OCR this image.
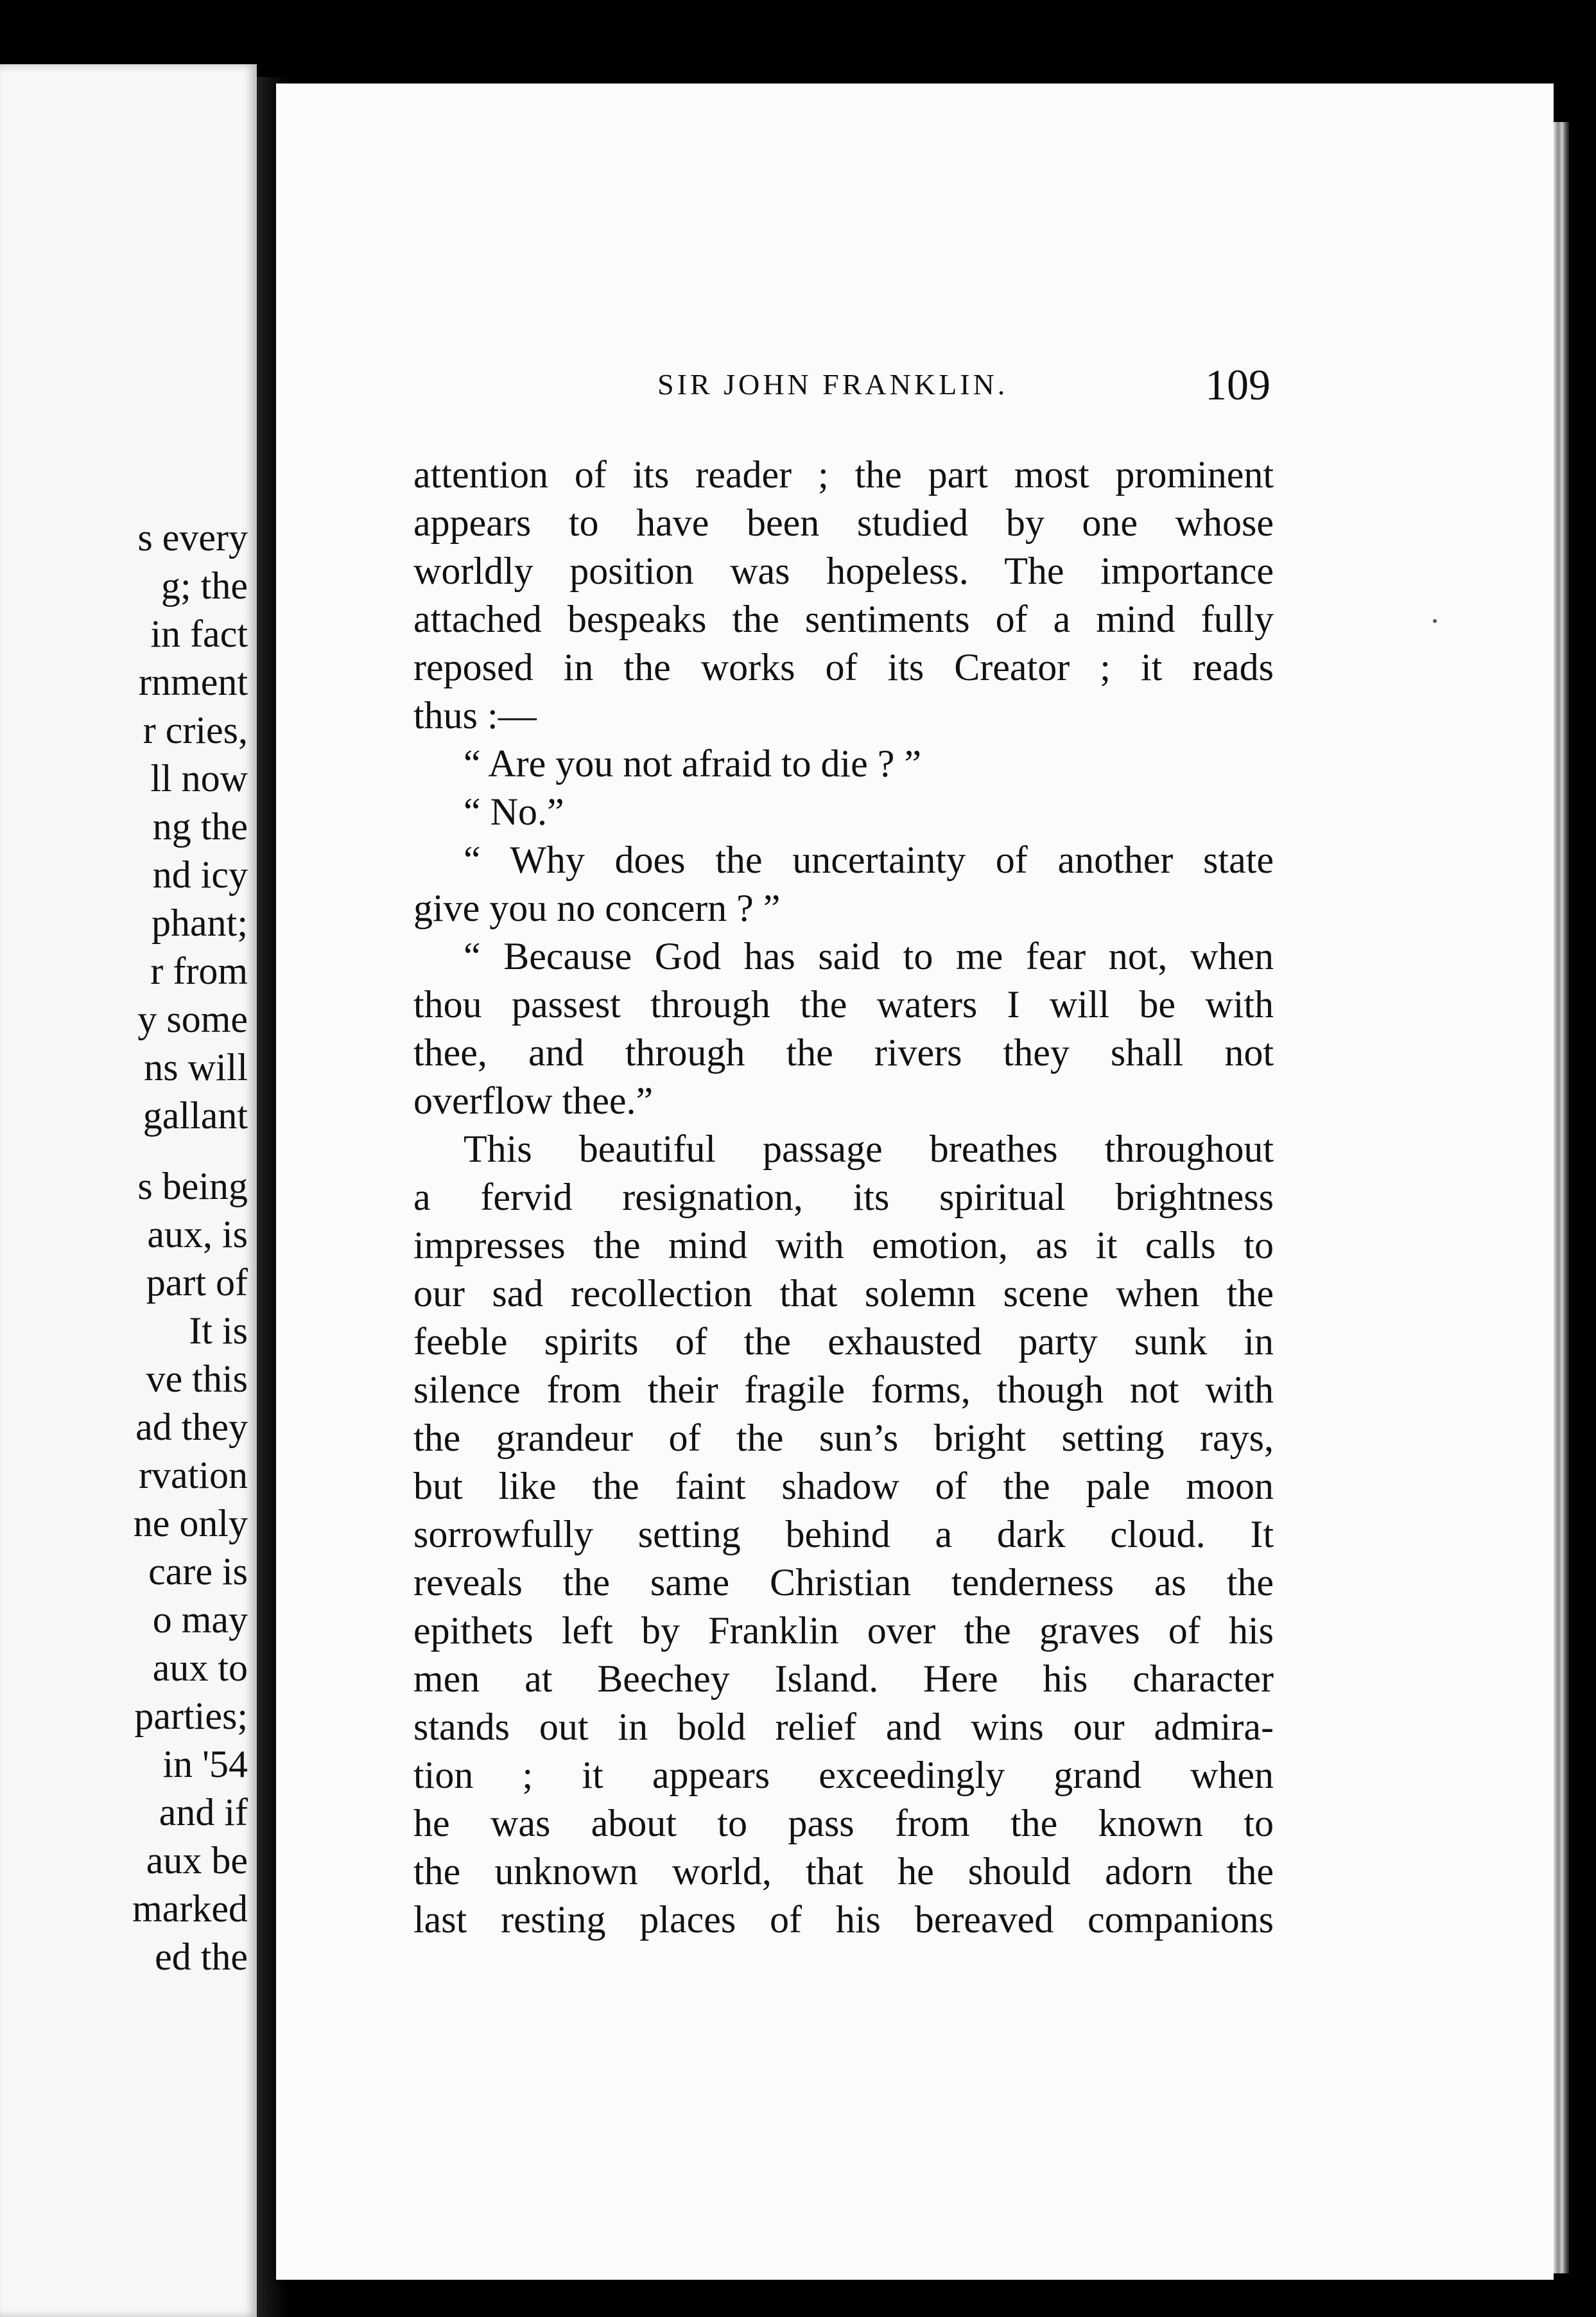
s every
g; the
in fact
rnment
r cries,
ll now
ng the
nd icy
phant;
r from
y some
ns will
gallant
s being
aux, is
part of
It is
ve this
ad they
rvation
ne only
care is
o may
aux to
parties;
in '54
and if
aux be
marked
ed the
SIR JOHN FRANKLIN.	109
attention of its reader ; the part most prominent
appears to have been studied by one whose
worldly position was hopeless. The importance
attached bespeaks the sentiments of a mind fully
reposed in the works of its Creator ; it reads
thus :—
“ Are you not afraid to die ? ”
“ No.”
“ Why does the uncertainty of another state
give you no concern ? ”
“ Because God has said to me fear not, when
thou passest through the waters I will be with
thee, and through the rivers they shall not
overflow thee.”
This beautiful passage breathes throughout
a fervid resignation, its spiritual brightness
impresses the mind with emotion, as it calls to
our sad recollection that solemn scene when the
feeble spirits of the exhausted party sunk in
silence from their fragile forms, though not with
the grandeur of the sun’s bright setting rays,
but like the faint shadow of the pale moon
sorrowfully setting behind a dark cloud. It
reveals the same Christian tenderness as the
epithets left by Franklin over the graves of his
men at Beechey Island. Here his character
stands out in bold relief and wins our admira-
tion ; it appears exceedingly grand when
he was about to pass from the known to
the unknown world, that he should adorn the
last resting places of his bereaved companions
